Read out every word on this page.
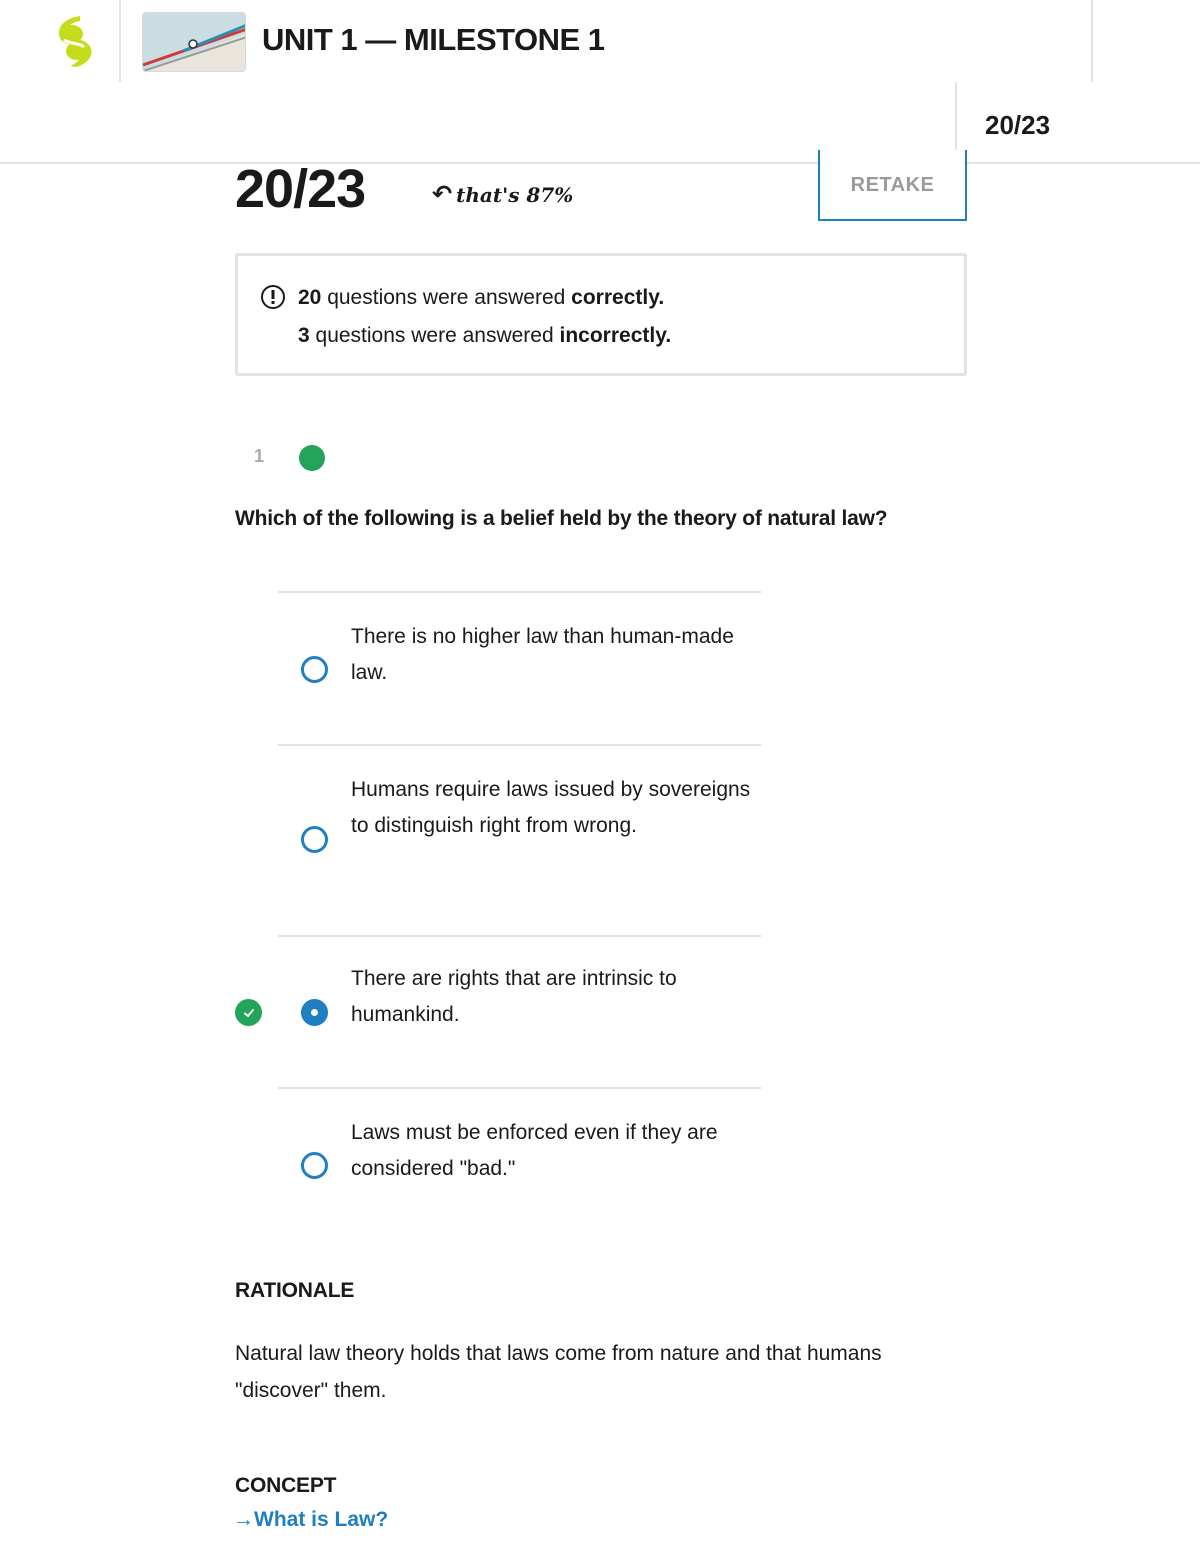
UNIT 1 — MILESTONE 1
20/23
20/23	↶ that's 87%	RETAKE
20 questions were answered correctly.
3 questions were answered incorrectly.
1
Which of the following is a belief held by the theory of natural law?
There is no higher law than human-made law.
Humans require laws issued by sovereigns to distinguish right from wrong.
There are rights that are intrinsic to humankind.
Laws must be enforced even if they are considered "bad."
RATIONALE
Natural law theory holds that laws come from nature and that humans "discover" them.
CONCEPT
→What is Law?
